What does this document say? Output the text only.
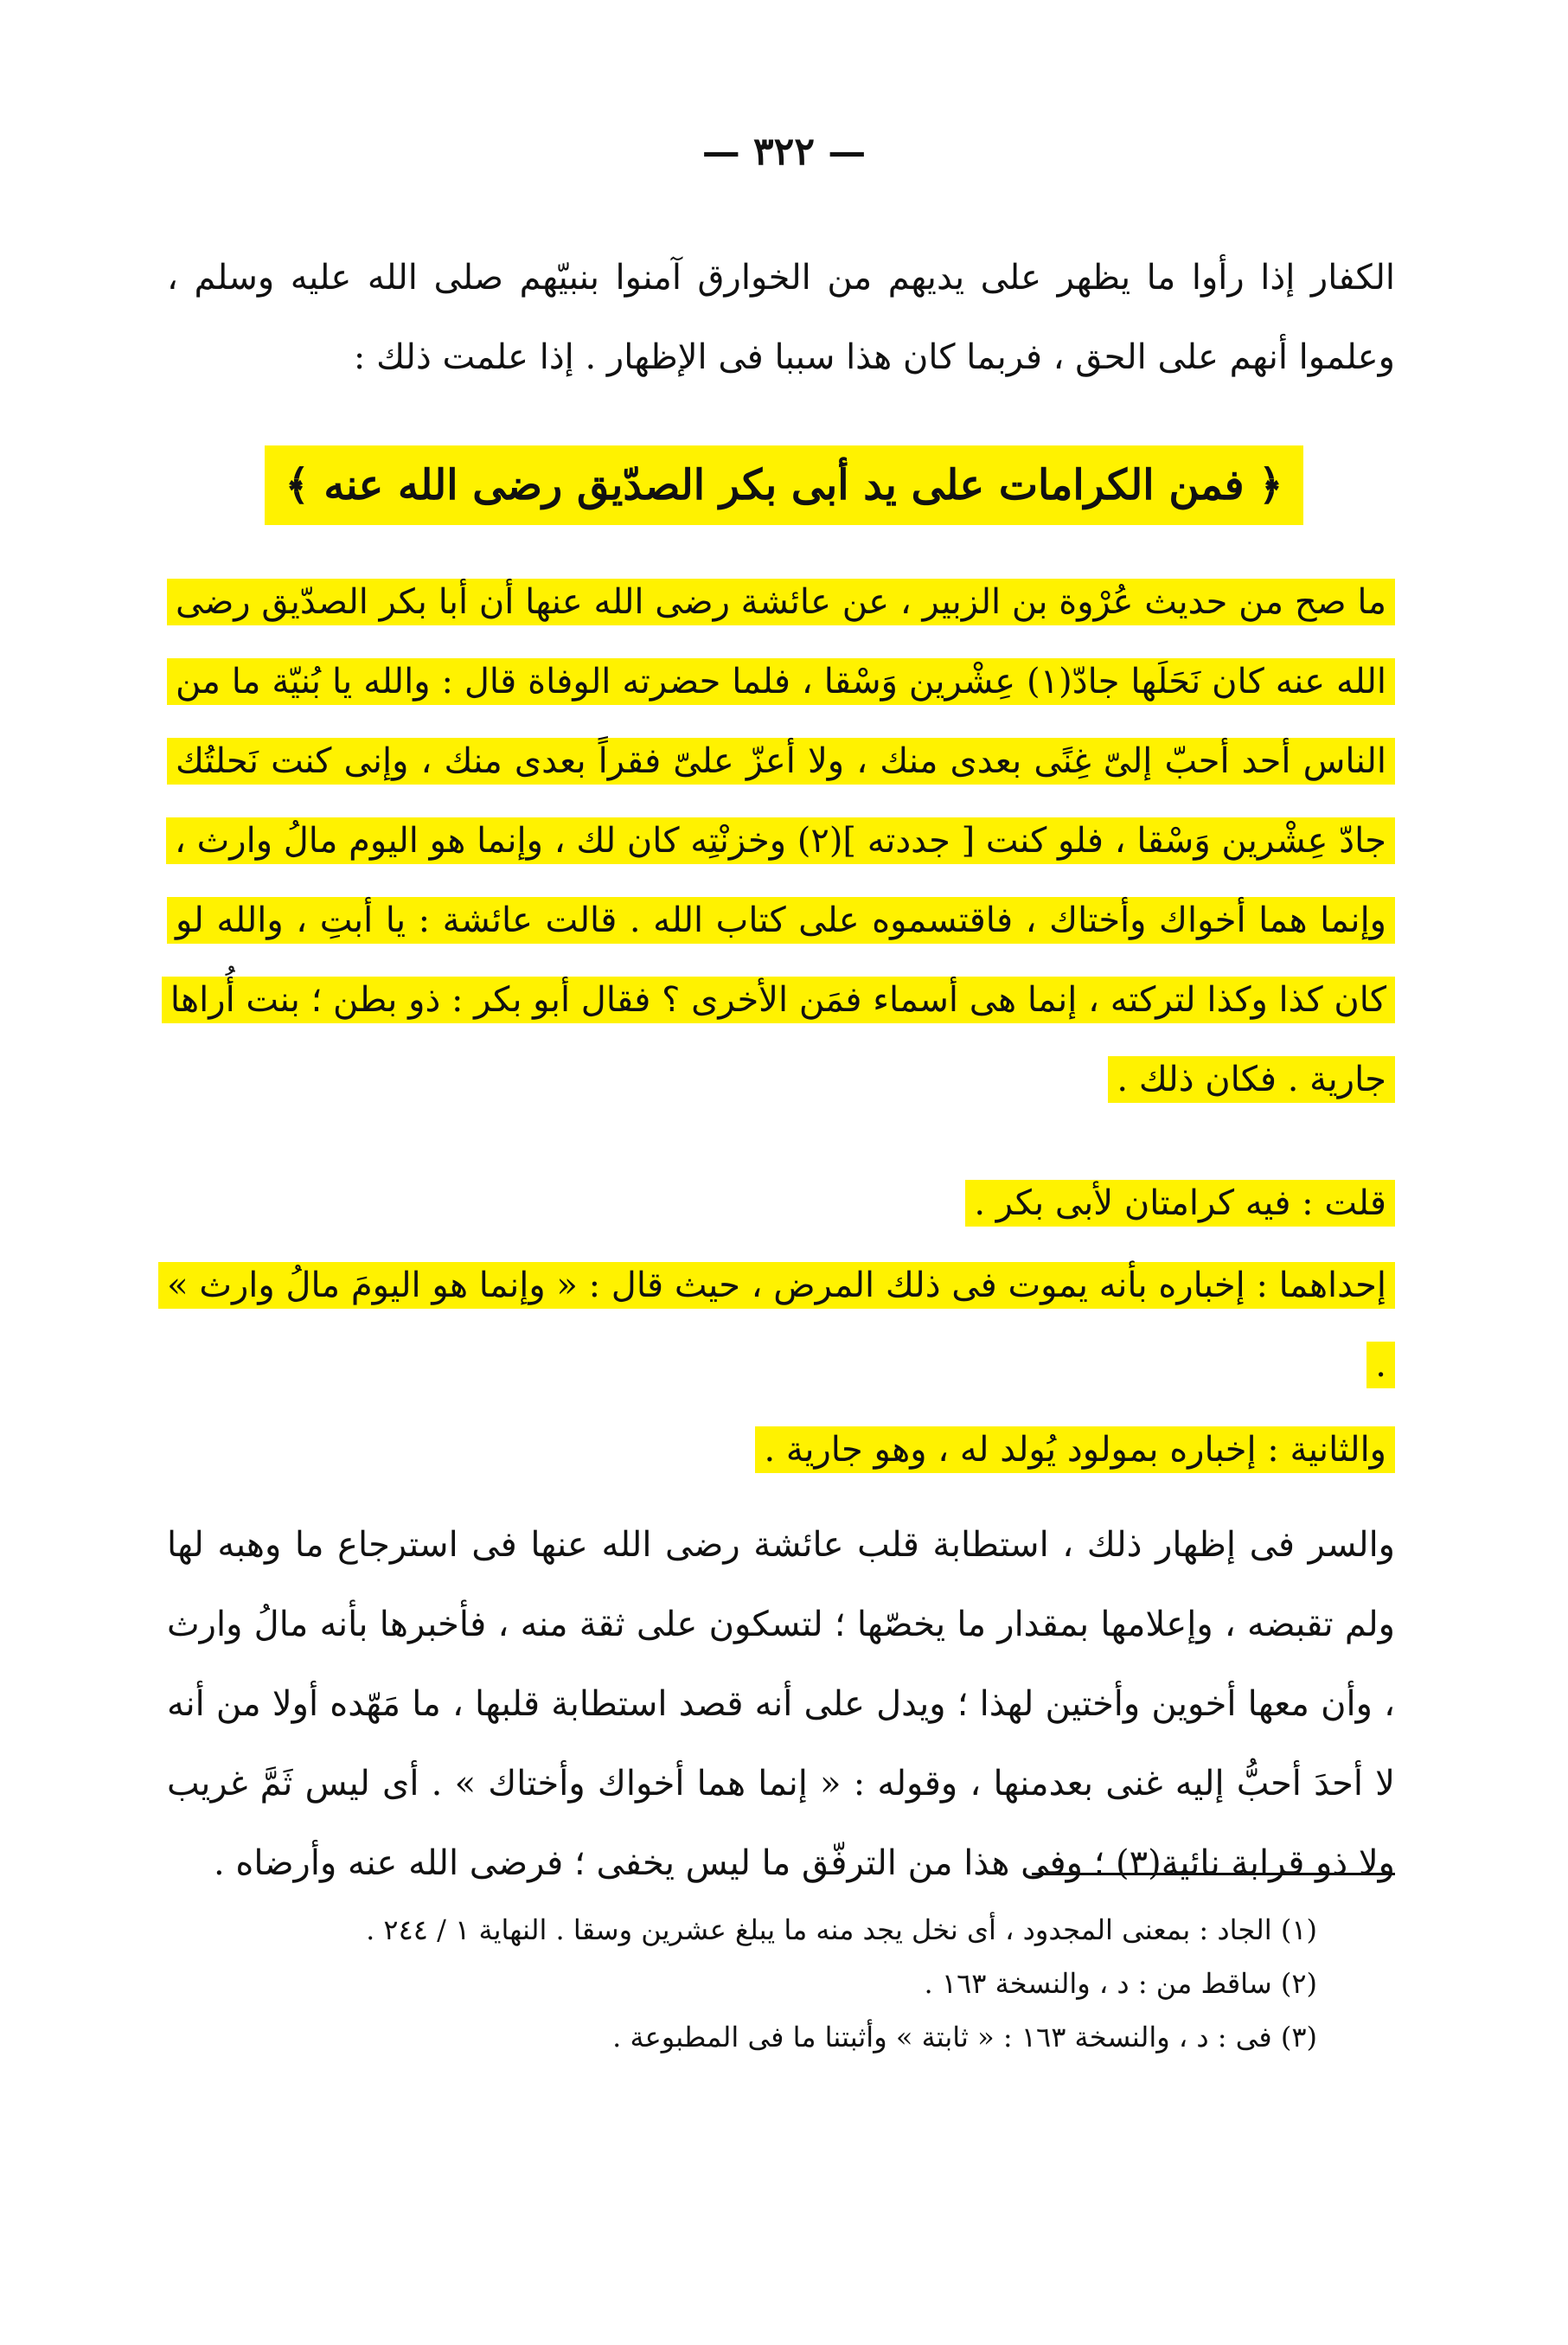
— ٣٢٢ —
الكفار إذا رأوا ما يظهر على يديهم من الخوارق آمنوا بنبيّهم صلى الله عليه وسلم ، وعلموا أنهم على الحق ، فربما كان هذا سببا فى الإظهار . إذا علمت ذلك :
﴿ فمن الكرامات على يد أبى بكر الصدّيق رضى الله عنه ﴾
ما صح من حديث عُرْوة بن الزبير ، عن عائشة رضى الله عنها أن أبا بكر الصدّيق رضى الله عنه كان نَحَلَها جادّ(١) عِشْرين وَسْقا ، فلما حضرته الوفاة قال : والله يا بُنيّة ما من الناس أحد أحبّ إلىّ غِنًى بعدى منك ، ولا أعزّ علىّ فقراً بعدى منك ، وإنى كنت نَحلتُك جادّ عِشْرين وَسْقا ، فلو كنت [ جددته ](٢) وخزنْتِه كان لك ، وإنما هو اليوم مالُ وارث ، وإنما هما أخواك وأختاك ، فاقتسموه على كتاب الله . قالت عائشة : يا أبتِ ، والله لو كان كذا وكذا لتركته ، إنما هى أسماء فمَن الأخرى ؟ فقال أبو بكر : ذو بطن ؛ بنت أُراها جارية . فكان ذلك .
قلت : فيه كرامتان لأبى بكر .
إحداهما : إخباره بأنه يموت فى ذلك المرض ، حيث قال : « وإنما هو اليومَ مالُ وارث » .
والثانية : إخباره بمولود يُولد له ، وهو جارية .
والسر فى إظهار ذلك ، استطابة قلب عائشة رضى الله عنها فى استرجاع ما وهبه لها ولم تقبضه ، وإعلامها بمقدار ما يخصّها ؛ لتسكون على ثقة منه ، فأخبرها بأنه مالُ وارث ، وأن معها أخوين وأختين لهذا ؛ ويدل على أنه قصد استطابة قلبها ، ما مَهّده أولا من أنه لا أحدَ أحبُّ إليه غنى بعدمنها ، وقوله : « إنما هما أخواك وأختاك » . أى ليس ثَمَّ غريب ولا ذو قرابة نائية(٣) ؛ وفى هذا من الترفّق ما ليس يخفى ؛ فرضى الله عنه وأرضاه .
(١) الجاد : بمعنى المجدود ، أى نخل يجد منه ما يبلغ عشرين وسقا . النهاية ١ / ٢٤٤ .
(٢) ساقط من : د ، والنسخة ١٦٣ .
(٣) فى : د ، والنسخة ١٦٣ : « ثابتة » وأثبتنا ما فى المطبوعة .
